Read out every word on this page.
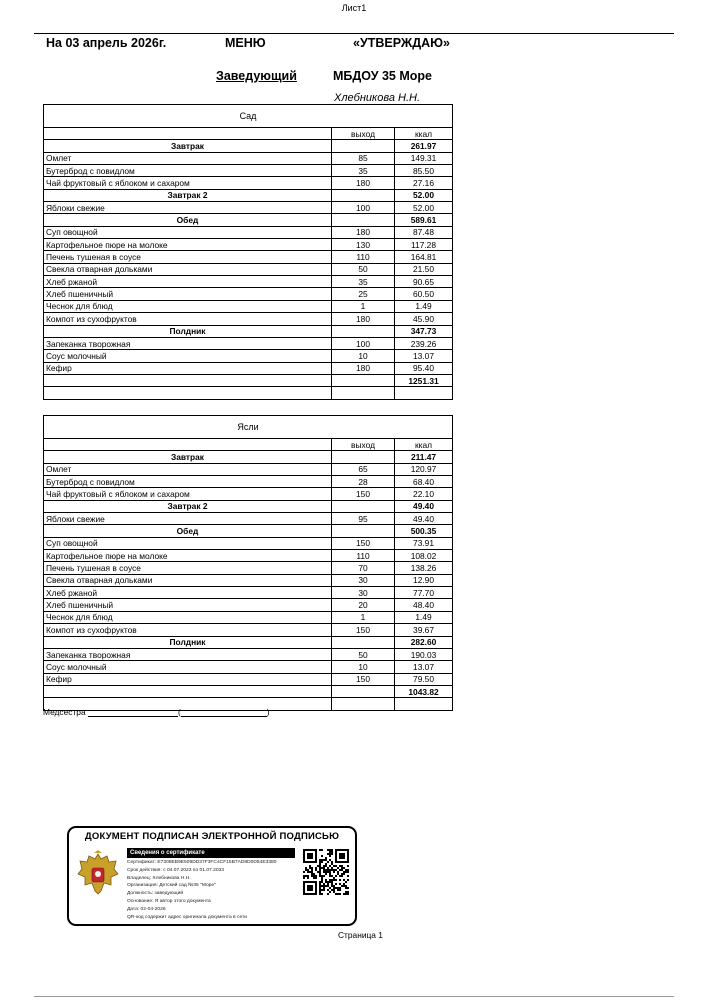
Лист1
На 03 апрель 2026г.	МЕНЮ	«УТВЕРЖДАЮ»
Заведующий	МБДОУ 35 Море
Хлебникова Н.Н.
Сад		
	выход	ккал
Завтрак		261.97
Омлет	85	149.31
Бутерброд с повидлом	35	85.50
Чай фруктовый с яблоком и сахаром	180	27.16
Завтрак 2		52.00
Яблоки свежие	100	52.00
Обед		589.61
Суп овощной	180	87.48
Картофельное пюре на молоке	130	117.28
Печень тушеная в соусе	110	164.81
Свекла отварная дольками	50	21.50
Хлеб ржаной	35	90.65
Хлеб пшеничный	25	60.50
Чеснок для блюд	1	1.49
Компот из сухофруктов	180	45.90
Полдник		347.73
Запеканка творожная	100	239.26
Соус молочный	10	13.07
Кефир	180	95.40
		1251.31

Ясли		
	выход	ккал
Завтрак		211.47
Омлет	65	120.97
Бутерброд с повидлом	28	68.40
Чай фруктовый с яблоком и сахаром	150	22.10
Завтрак 2		49.40
Яблоки свежие	95	49.40
Обед		500.35
Суп овощной	150	73.91
Картофельное пюре на молоке	110	108.02
Печень тушеная в соусе	70	138.26
Свекла отварная дольками	30	12.90
Хлеб ржаной	30	77.70
Хлеб пшеничный	20	48.40
Чеснок для блюд	1	1.49
Компот из сухофруктов	150	39.67
Полдник		282.60
Запеканка творожная	50	190.03
Соус молочный	10	13.07
Кефир	150	79.50
		1043.82

Медсестра	(	)
ДОКУМЕНТ ПОДПИСАН ЭЛЕКТРОННОЙ ПОДПИСЬЮ
Сведения о сертификате
Сертификат: E7308EB9E509DD37F3FC4CF15B7AD8D0D54E3380
Срок действия: с 04.07.2023 по 01.07.2033
Владелец: Хлебникова Н.Н.
Организация: Детский сад №35 "Море"
Должность: заведующий
Основание: Я автор этого документа
Дата: 02-04-2026
QR-код содержит адрес оригинала документа в сети
Страница 1
